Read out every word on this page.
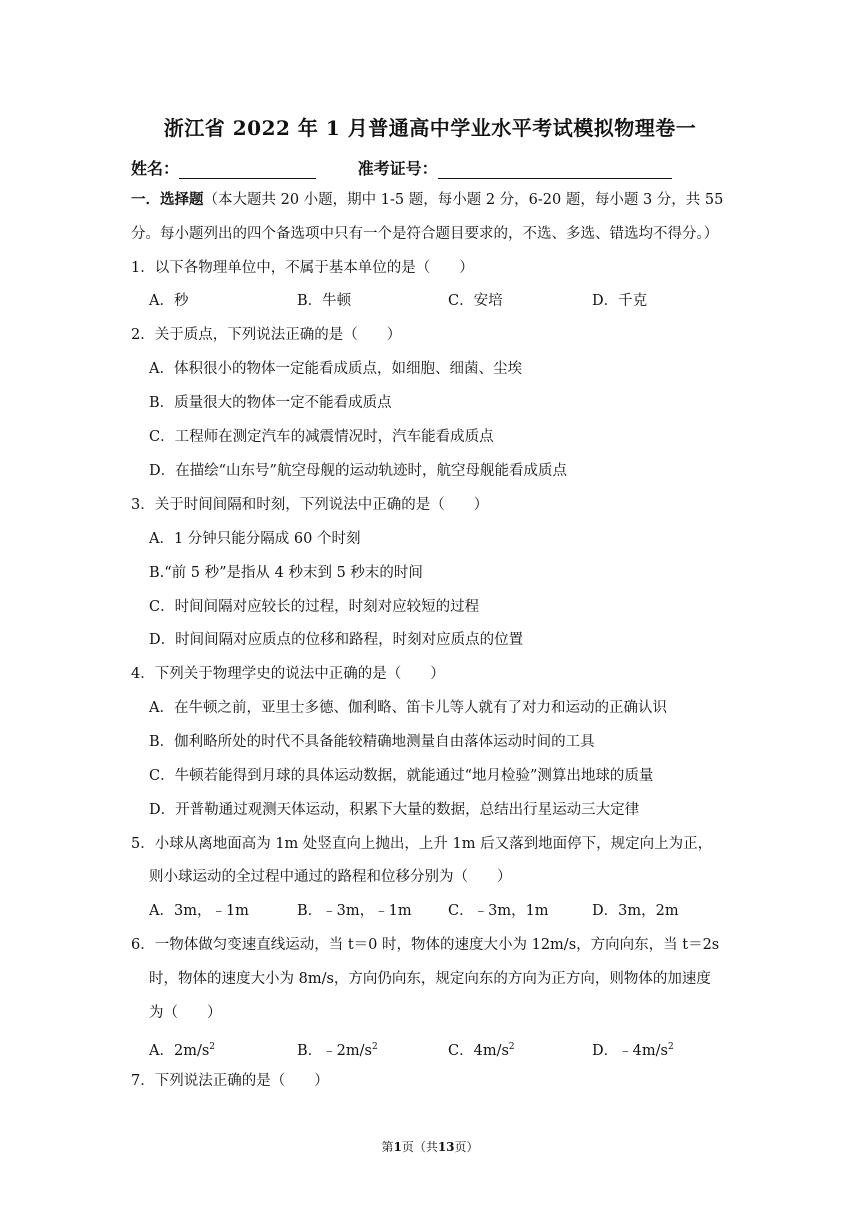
浙江省 2022 年 1 月普通高中学业水平考试模拟物理卷一
姓名：	准考证号：
一．选择题（本大题共 20 小题，期中 1-5 题，每小题 2 分，6-20 题，每小题 3 分，共 55
分。每小题列出的四个备选项中只有一个是符合题目要求的，不选、多选、错选均不得分。）
1．以下各物理单位中，不属于基本单位的是（　　）
A．秒	B．牛顿	C．安培	D．千克
2．关于质点，下列说法正确的是（　　）
A．体积很小的物体一定能看成质点，如细胞、细菌、尘埃
B．质量很大的物体一定不能看成质点
C．工程师在测定汽车的减震情况时，汽车能看成质点
D．在描绘“山东号”航空母舰的运动轨迹时，航空母舰能看成质点
3．关于时间间隔和时刻，下列说法中正确的是（　　）
A．1 分钟只能分隔成 60 个时刻
B.“前 5 秒”是指从 4 秒末到 5 秒末的时间
C．时间间隔对应较长的过程，时刻对应较短的过程
D．时间间隔对应质点的位移和路程，时刻对应质点的位置
4．下列关于物理学史的说法中正确的是（　　）
A．在牛顿之前，亚里士多德、伽利略、笛卡儿等人就有了对力和运动的正确认识
B．伽利略所处的时代不具备能较精确地测量自由落体运动时间的工具
C．牛顿若能得到月球的具体运动数据，就能通过“地月检验”测算出地球的质量
D．开普勒通过观测天体运动，积累下大量的数据，总结出行星运动三大定律
5．小球从离地面高为 1m 处竖直向上抛出，上升 1m 后又落到地面停下，规定向上为正，
则小球运动的全过程中通过的路程和位移分别为（　　）
A．3m，﹣1m	B．﹣3m，﹣1m	C．﹣3m，1m	D．3m，2m
6．一物体做匀变速直线运动，当 t＝0 时，物体的速度大小为 12m/s，方向向东，当 t＝2s
时，物体的速度大小为 8m/s，方向仍向东，规定向东的方向为正方向，则物体的加速度
为（　　）
A．$2m/s^2$	B．$﹣2m/s^2$	C．$4m/s^2$	D．$﹣4m/s^2$
7．下列说法正确的是（　　）
第1页（共13页）
